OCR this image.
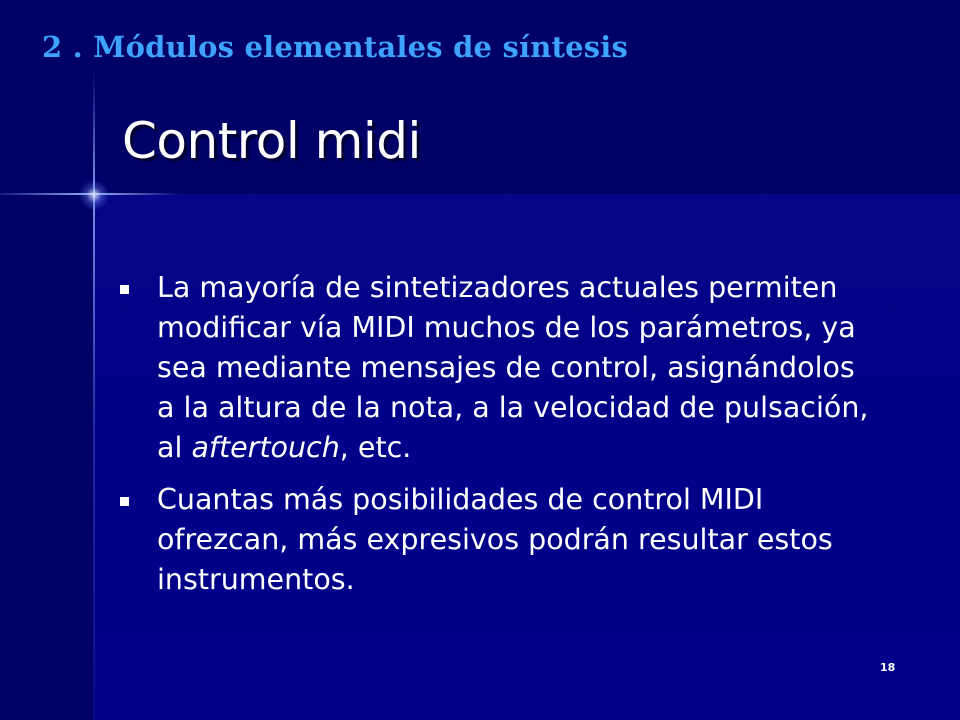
2 . Módulos elementales de síntesis
Control midi
La mayoría de sintetizadores actuales permiten modificar vía MIDI muchos de los parámetros, ya sea mediante mensajes de control, asignándolos a la altura de la nota, a la velocidad de pulsación, al aftertouch, etc.
Cuantas más posibilidades de control MIDI ofrezcan, más expresivos podrán resultar estos instrumentos.
18
